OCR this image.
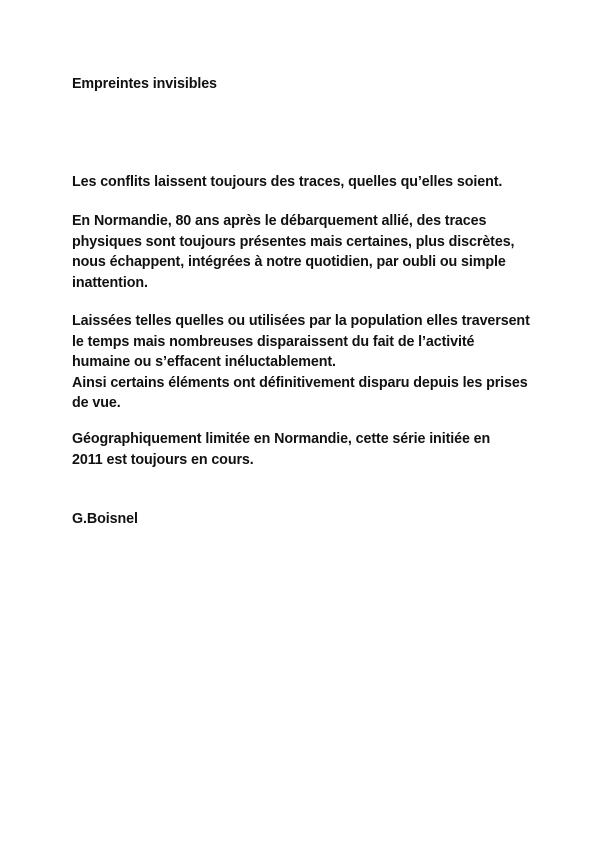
Empreintes invisibles

Les conflits laissent toujours des traces, quelles qu’elles soient.

En Normandie, 80 ans après le débarquement allié, des traces
physiques sont toujours présentes mais certaines, plus discrètes,
nous échappent, intégrées à notre quotidien, par oubli ou simple
inattention.

Laissées telles quelles ou utilisées par la population elles traversent
le temps mais nombreuses disparaissent du fait de l’activité
humaine ou s’effacent inéluctablement.
Ainsi certains éléments ont définitivement disparu depuis les prises
de vue.

Géographiquement limitée en Normandie, cette série initiée en
2011 est toujours en cours.

G.Boisnel
